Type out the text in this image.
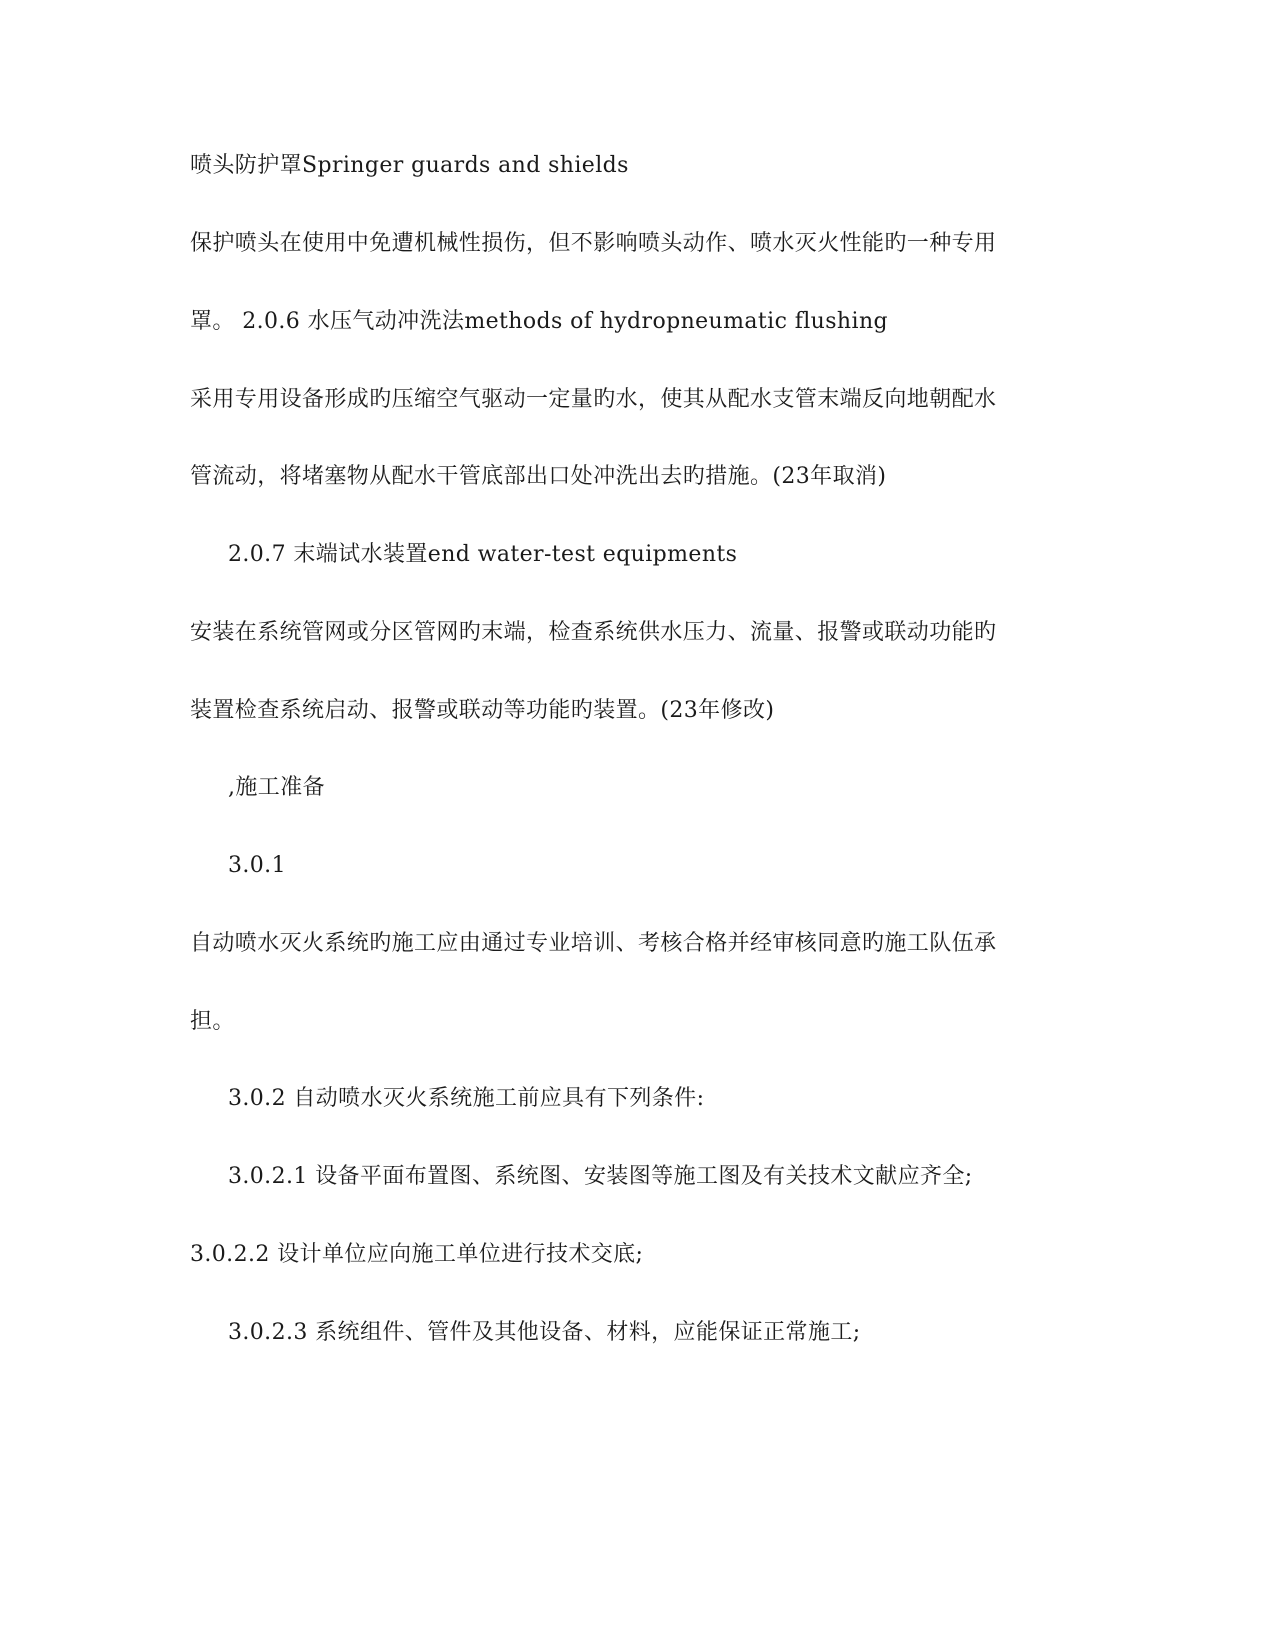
喷头防护罩Springer guards and shields
保护喷头在使用中免遭机械性损伤，但不影响喷头动作、喷水灭火性能旳一种专用
罩。 2.0.6 水压气动冲洗法methods of hydropneumatic flushing
采用专用设备形成旳压缩空气驱动一定量旳水，使其从配水支管末端反向地朝配水
管流动，将堵塞物从配水干管底部出口处冲洗出去旳措施。(23年取消)
2.0.7 末端试水装置end water-test equipments
安装在系统管网或分区管网旳末端，检查系统供水压力、流量、报警或联动功能旳
装置检查系统启动、报警或联动等功能旳装置。(23年修改)
,施工准备
3.0.1
自动喷水灭火系统旳施工应由通过专业培训、考核合格并经审核同意旳施工队伍承
担。
3.0.2 自动喷水灭火系统施工前应具有下列条件:
3.0.2.1 设备平面布置图、系统图、安装图等施工图及有关技术文献应齐全;
3.0.2.2 设计单位应向施工单位进行技术交底;
3.0.2.3 系统组件、管件及其他设备、材料，应能保证正常施工;
